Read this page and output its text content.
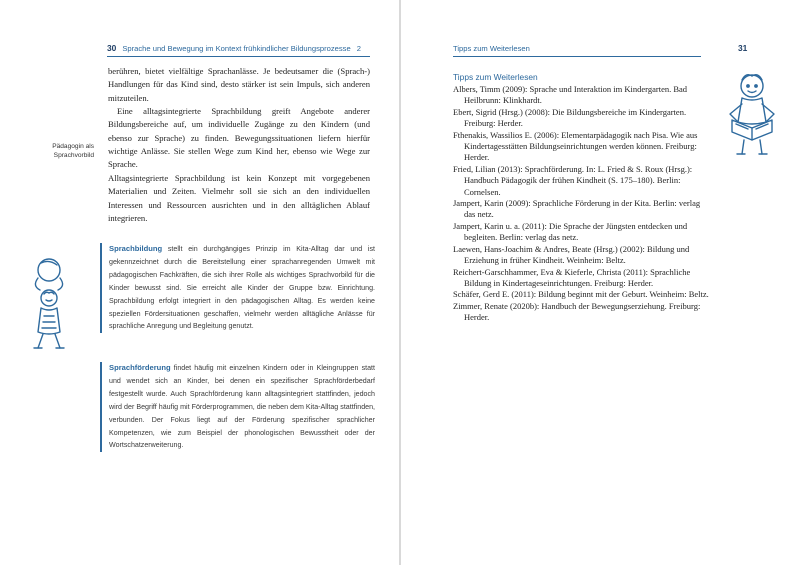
30 Sprache und Bewegung im Kontext frühkindlicher Bildungsprozesse 2

berühren, bietet vielfältige Sprachanlässe. Je bedeutsamer die (Sprach-) Handlungen für das Kind sind, desto stärker ist sein Impuls, sich anderen mitzuteilen.

Eine alltagsintegrierte Sprachbildung greift Angebote anderer Bildungsbereiche auf, um individuelle Zugänge zu den Kindern (und ebenso zur Sprache) zu finden. Bewegungssituationen liefern hierfür wichtige Anlässe. Sie stellen Wege zum Kind her, ebenso wie Wege zur Sprache.

Alltagsintegrierte Sprachbildung ist kein Konzept mit vorgegebenen Materialien und Zeiten. Vielmehr soll sie sich an den individuellen Interessen und Ressourcen ausrichten und in den alltäglichen Ablauf integrieren.

Pädagogin als Sprachvorbild
Sprachbildung stellt ein durchgängiges Prinzip im Kita-Alltag dar und ist gekennzeichnet durch die Bereitstellung einer sprachanregenden Umwelt mit pädagogischen Fachkräften, die sich ihrer Rolle als wichtiges Sprachvorbild für die Kinder bewusst sind. Sie erreicht alle Kinder der Gruppe bzw. Einrichtung. Sprachbildung erfolgt integriert in den pädagogischen Alltag. Es werden keine speziellen Fördersituationen geschaffen, vielmehr werden alltägliche Anlässe für sprachliche Anregung und Begleitung genutzt.
Sprachförderung findet häufig mit einzelnen Kindern oder in Kleingruppen statt und wendet sich an Kinder, bei denen ein spezifischer Sprachförderbedarf festgestellt wurde. Auch Sprachförderung kann alltagsintegriert stattfinden, jedoch wird der Begriff häufig mit Förderprogrammen, die neben dem Kita-Alltag stattfinden, verbunden. Der Fokus liegt auf der Förderung spezifischer sprachlicher Kompetenzen, wie zum Beispiel der phonologischen Bewusstheit oder der Wortschatzerweiterung.
Tipps zum Weiterlesen	31
Tipps zum Weiterlesen
Albers, Timm (2009): Sprache und Interaktion im Kindergarten. Bad Heilbrunn: Klinkhardt.
Ebert, Sigrid (Hrsg.) (2008): Die Bildungsbereiche im Kindergarten. Freiburg: Herder.
Fthenakis, Wassilios E. (2006): Elementarpädagogik nach Pisa. Wie aus Kindertagesstätten Bildungseinrichtungen werden können. Freiburg: Herder.
Fried, Lilian (2013): Sprachförderung. In: L. Fried & S. Roux (Hrsg.): Handbuch Pädagogik der frühen Kindheit (S. 175–180). Berlin: Cornelsen.
Jampert, Karin (2009): Sprachliche Förderung in der Kita. Berlin: verlag das netz.
Jampert, Karin u. a. (2011): Die Sprache der Jüngsten entdecken und begleiten. Berlin: verlag das netz.
Laewen, Hans-Joachim & Andres, Beate (Hrsg.) (2002): Bildung und Erziehung in früher Kindheit. Weinheim: Beltz.
Reichert-Garschhammer, Eva & Kieferle, Christa (2011): Sprachliche Bildung in Kindertageseinrichtungen. Freiburg: Herder.
Schäfer, Gerd E. (2011): Bildung beginnt mit der Geburt. Weinheim: Beltz.
Zimmer, Renate (2020b): Handbuch der Bewegungserziehung. Freiburg: Herder.
